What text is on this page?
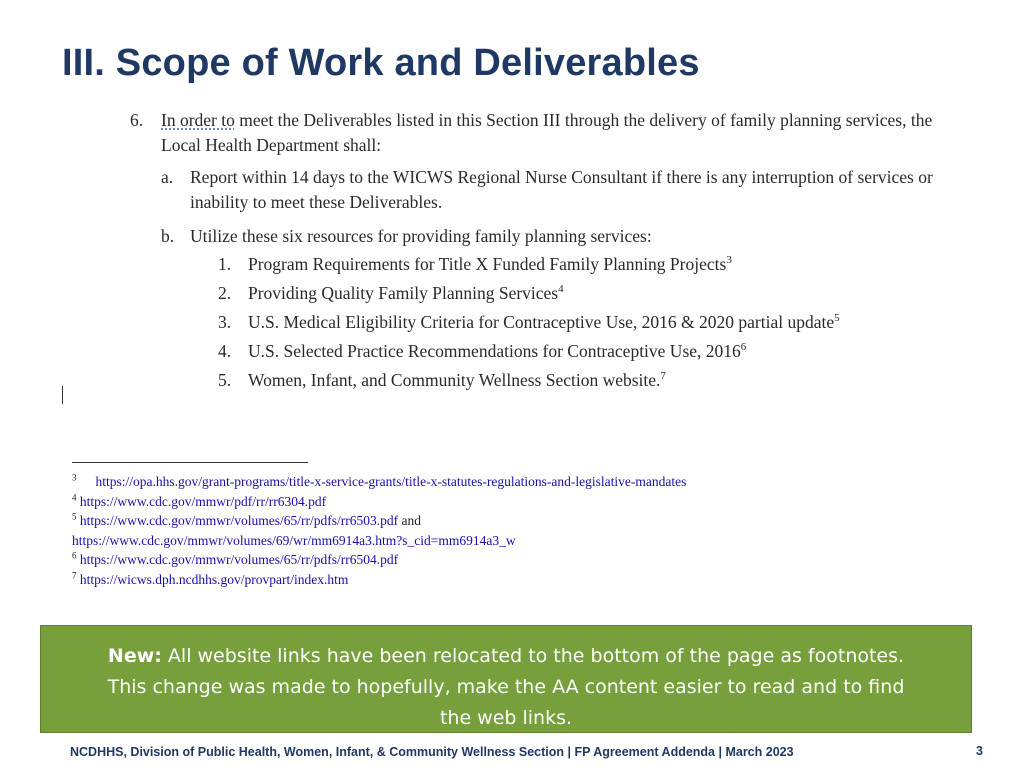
III. Scope of Work and Deliverables
6. In order to meet the Deliverables listed in this Section III through the delivery of family planning services, the Local Health Department shall:
a. Report within 14 days to the WICWS Regional Nurse Consultant if there is any interruption of services or inability to meet these Deliverables.
b. Utilize these six resources for providing family planning services:
1. Program Requirements for Title X Funded Family Planning Projects$^3$
2. Providing Quality Family Planning Services$^4$
3. U.S. Medical Eligibility Criteria for Contraceptive Use, 2016 & 2020 partial update$^5$
4. U.S. Selected Practice Recommendations for Contraceptive Use, 2016$^6$
5. Women, Infant, and Community Wellness Section website.$^7$
$^3$ https://opa.hhs.gov/grant-programs/title-x-service-grants/title-x-statutes-regulations-and-legislative-mandates
$^4$ https://www.cdc.gov/mmwr/pdf/rr/rr6304.pdf
$^5$ https://www.cdc.gov/mmwr/volumes/65/rr/pdfs/rr6503.pdf and
https://www.cdc.gov/mmwr/volumes/69/wr/mm6914a3.htm?s_cid=mm6914a3_w
$^6$ https://www.cdc.gov/mmwr/volumes/65/rr/pdfs/rr6504.pdf
$^7$ https://wicws.dph.ncdhhs.gov/provpart/index.htm
New: All website links have been relocated to the bottom of the page as footnotes. This change was made to hopefully, make the AA content easier to read and to find the web links.
NCDHHS, Division of Public Health, Women, Infant, & Community Wellness Section | FP Agreement Addenda | March 2023	3
